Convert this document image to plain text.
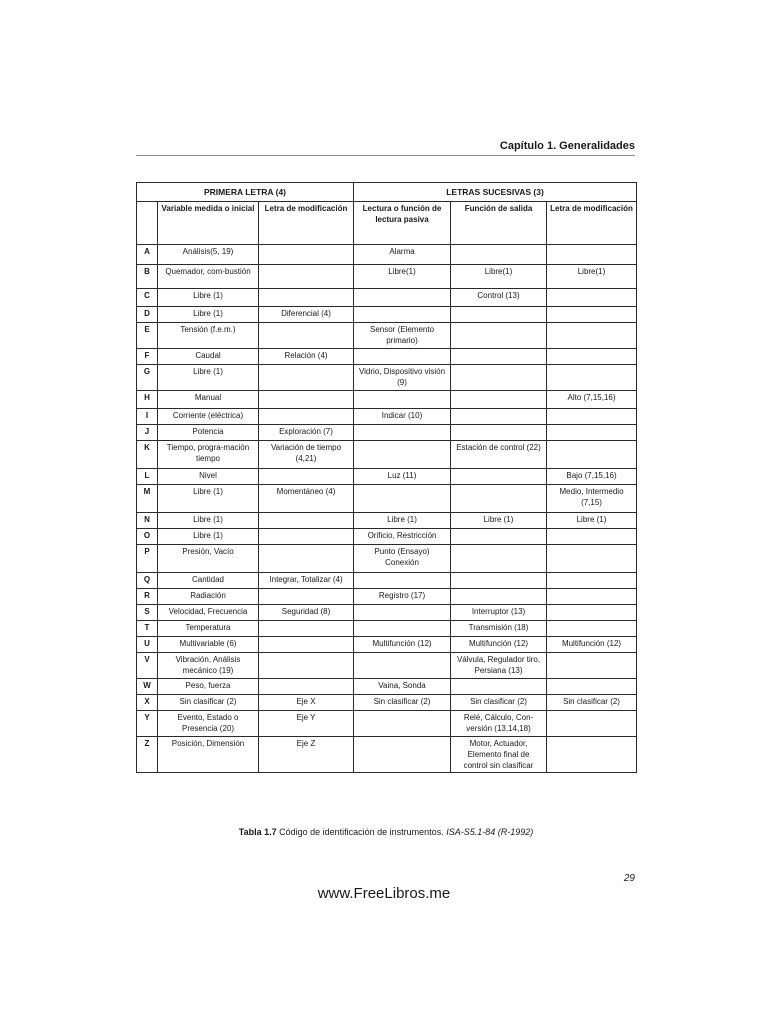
Capítulo 1. Generalidades
PRIMERA LETRA (4)			LETRAS SUCESIVAS (3)		
	Variable medida o inicial	Letra de modificación	Lectura o función de lectura pasiva	Función de salida	Letra de modificación
A	Análisis(5, 19)		Alarma		
B	Quemador, com-bustión		Libre(1)	Libre(1)	Libre(1)
C	Libre (1)			Control (13)	
D	Libre (1)	Diferencial (4)			
E	Tensión (f.e.m.)		Sensor (Elemento primario)		
F	Caudal	Relación (4)			
G	Libre (1)		Vidrio, Dispositivo visión (9)		
H	Manual				Alto (7,15,16)
I	Corriente (eléctrica)		Indicar (10)		
J	Potencia	Exploración (7)			
K	Tiempo, progra-mación tiempo	Variación de tiempo (4,21)		Estación de control (22)	
L	Nivel		Luz (11)		Bajo (7,15,16)
M	Libre (1)	Momentáneo (4)			Medio, Intermedio (7,15)
N	Libre (1)		Libre (1)	Libre (1)	Libre (1)
O	Libre (1)		Orificio, Restricción		
P	Presión, Vacío		Punto (Ensayo) Conexión		
Q	Cantidad	Integrar, Totalizar (4)			
R	Radiación		Registro (17)		
S	Velocidad, Frecuencia	Seguridad (8)		Interruptor (13)	
T	Temperatura			Transmisión (18)	
U	Multivariable (6)		Multifunción (12)	Multifunción (12)	Multifunción (12)
V	Vibración, Análisis mecánico (19)			Válvula, Regulador tiro, Persiana (13)	
W	Peso, fuerza		Vaina, Sonda		
X	Sin clasificar (2)	Eje X	Sin clasificar (2)	Sin clasificar (2)	Sin clasificar (2)
Y	Evento, Estado o Presencia (20)	Eje Y		Relé, Cálculo, Con-versión (13,14,18)	
Z	Posición, Dimensión	Eje Z		Motor, Actuador, Elemento final de control sin clasificar	
Tabla 1.7 Código de identificación de instrumentos. ISA-S5.1-84 (R-1992)
29
www.FreeLibros.me
